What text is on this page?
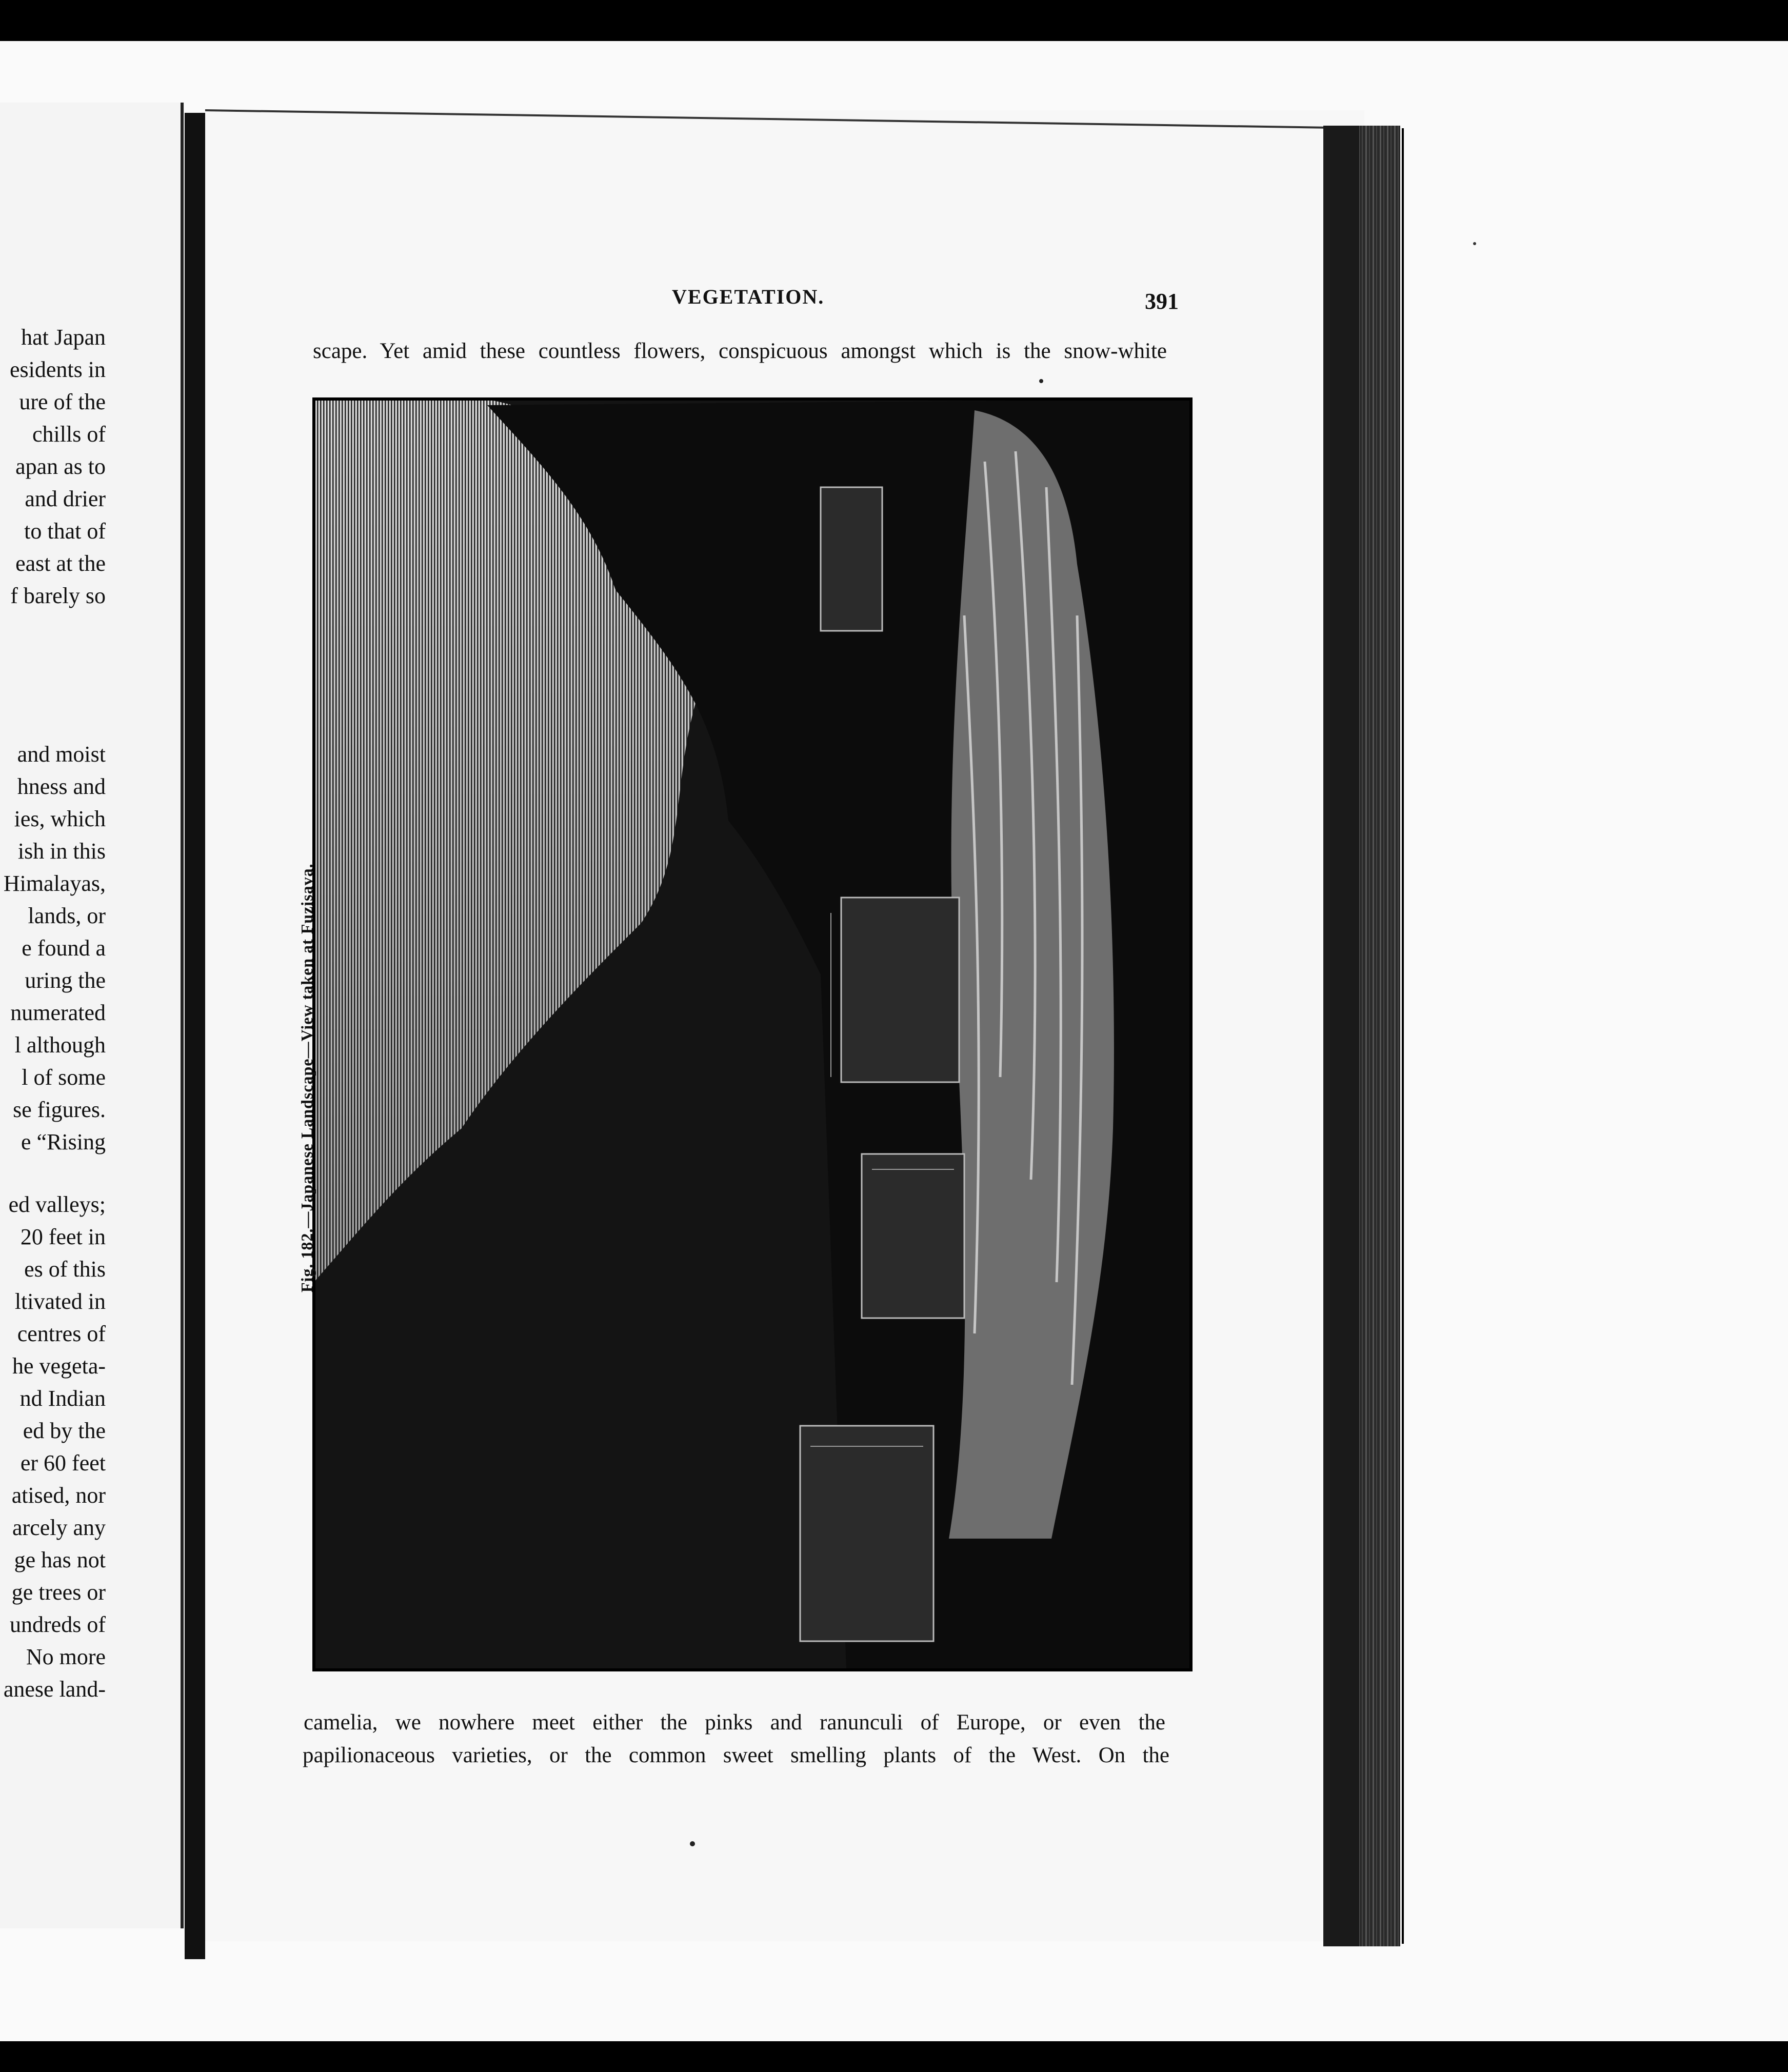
hat Japan
esidents in
ure of the
chills of
apan as to
and drier
to that of
east at the
f barely so
and moist
hness and
ies, which
ish in this
Himalayas,
lands, or
e found a
uring the
numerated
l although
l of some
se figures.
e “Rising
ed valleys;
20 feet in
es of this
ltivated in
centres of
he vegeta-
nd Indian
ed by the
er 60 feet
atised, nor
arcely any
ge has not
ge trees or
undreds of
No more
anese land-
VEGETATION.	391
scape. Yet amid these countless flowers, conspicuous amongst which is the snow-white
Fig. 182.—Japanese Landscape—View taken at Fuzisava.
camelia, we nowhere meet either the pinks and ranunculi of Europe, or even the
papilionaceous varieties, or the common sweet smelling plants of the West. On the
